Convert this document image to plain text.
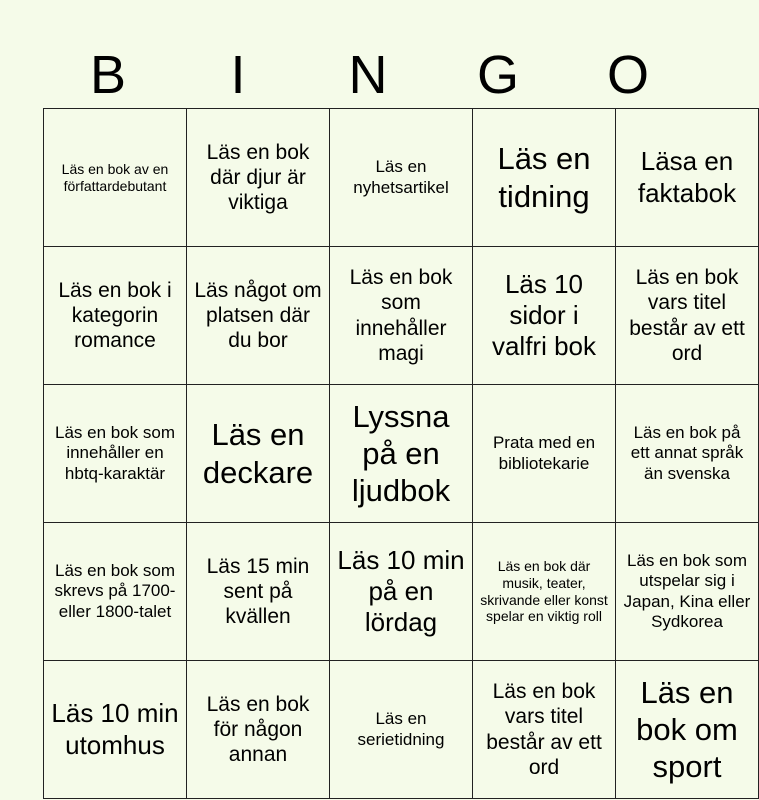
B	I	N	G	O
Läs en bok av en författardebutant	Läs en bok där djur är viktiga	Läs en nyhetsartikel	Läs en tidning	Läsa en faktabok
Läs en bok i kategorin romance	Läs något om platsen där du bor	Läs en bok som innehåller magi	Läs 10 sidor i valfri bok	Läs en bok vars titel består av ett ord
Läs en bok som innehåller en hbtq-karaktär	Läs en deckare	Lyssna på en ljudbok	Prata med en bibliotekarie	Läs en bok på ett annat språk än svenska
Läs en bok som skrevs på 1700- eller 1800-talet	Läs 15 min sent på kvällen	Läs 10 min på en lördag	Läs en bok där musik, teater, skrivande eller konst spelar en viktig roll	Läs en bok som utspelar sig i Japan, Kina eller Sydkorea
Läs 10 min utomhus	Läs en bok för någon annan	Läs en serietidning	Läs en bok vars titel består av ett ord	Läs en bok om sport
